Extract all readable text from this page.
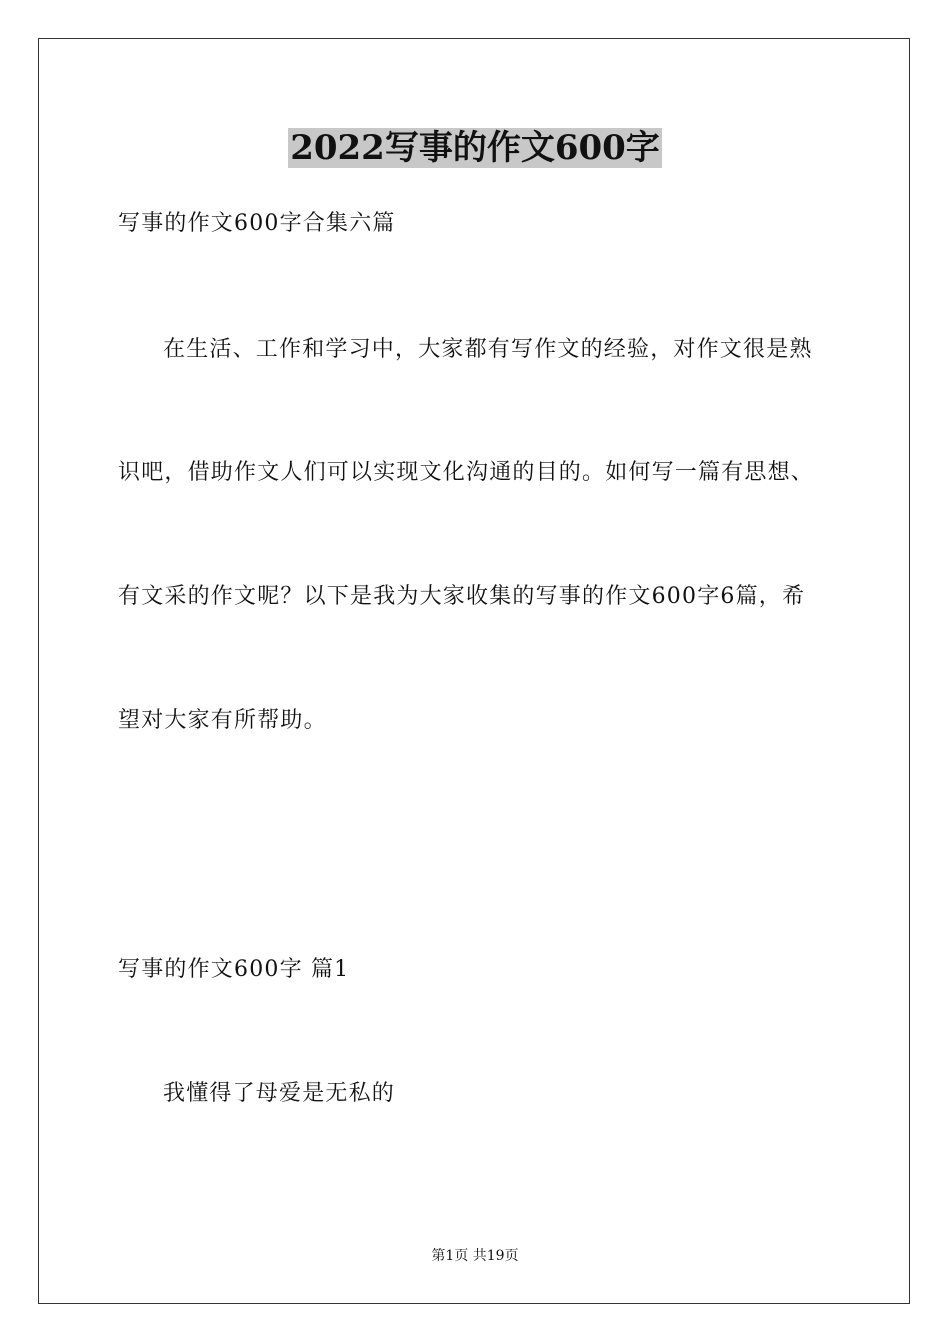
2022写事的作文600字
写事的作文600字合集六篇
在生活、工作和学习中，大家都有写作文的经验，对作文很是熟
识吧，借助作文人们可以实现文化沟通的目的。如何写一篇有思想、
有文采的作文呢？以下是我为大家收集的写事的作文600字6篇，希
望对大家有所帮助。
写事的作文600字 篇1
我懂得了母爱是无私的
第1页 共19页
